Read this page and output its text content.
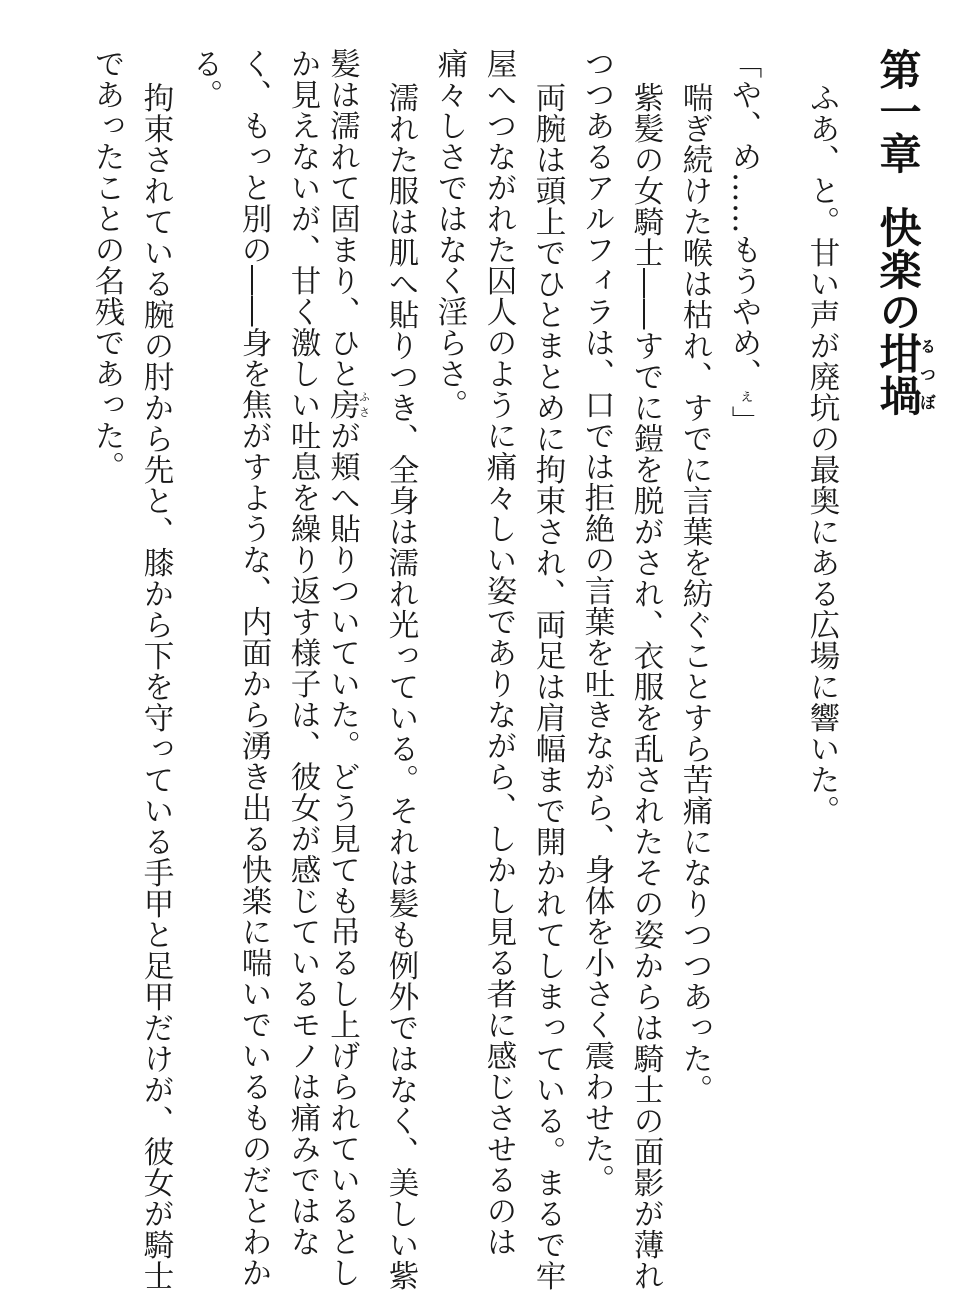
第一章快楽の坩堝るつぼ
ふあ、と。甘い声が廃坑の最奥にある広場に響いた。
「や、め……もうやめ、ぇ」
喘ぎ続けた喉は枯れ、すでに言葉を紡ぐことすら苦痛になりつつあった。
紫髪の女騎士――すでに鎧を脱がされ、衣服を乱されたその姿からは騎士の面影が薄れ
つつあるアルフィラは、口では拒絶の言葉を吐きながら、身体を小さく震わせた。
両腕は頭上でひとまとめに拘束され、両足は肩幅まで開かれてしまっている。まるで牢
屋へつながれた囚人のように痛々しい姿でありながら、しかし見る者に感じさせるのは
痛々しさではなく淫らさ。
濡れた服は肌へ貼りつき、全身は濡れ光っている。それは髪も例外ではなく、美しい紫
髪は濡れて固まり、ひと房ふさが頬へ貼りついていた。どう見ても吊るし上げられているとし
か見えないが、甘く激しい吐息を繰り返す様子は、彼女が感じているモノは痛みではな
く、もっと別の――身を焦がすような、内面から湧き出る快楽に喘いでいるものだとわか
る。
拘束されている腕の肘から先と、膝から下を守っている手甲と足甲だけが、彼女が騎士
であったことの名残であった。
